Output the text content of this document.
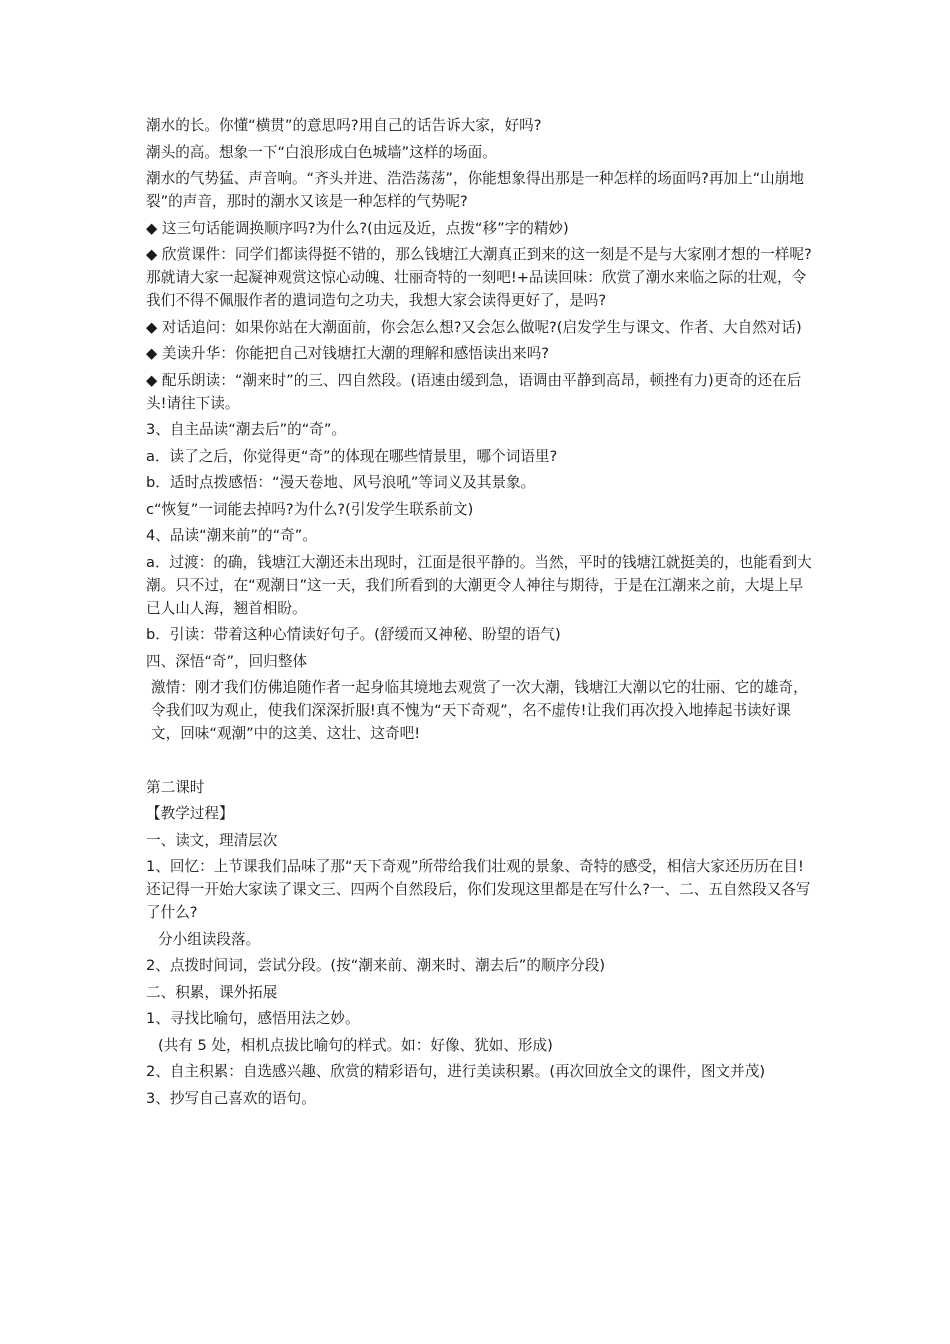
潮水的长。你懂“横贯”的意思吗?用自己的话告诉大家，好吗?

潮头的高。想象一下“白浪形成白色城墙”这样的场面。

潮水的气势猛、声音响。“齐头并进、浩浩荡荡”，你能想象得出那是一种怎样的场面吗?再加上“山崩地裂”的声音，那时的潮水又该是一种怎样的气势呢?

◆ 这三句话能调换顺序吗?为什么?(由远及近，点拨“移”字的精妙)

◆ 欣赏课件：同学们都读得挺不错的，那么钱塘江大潮真正到来的这一刻是不是与大家刚才想的一样呢?那就请大家一起凝神观赏这惊心动魄、壮丽奇特的一刻吧!+品读回味：欣赏了潮水来临之际的壮观，令我们不得不佩服作者的遣词造句之功夫，我想大家会读得更好了，是吗?

◆ 对话追问：如果你站在大潮面前，你会怎么想?又会怎么做呢?(启发学生与课文、作者、大自然对话)

◆ 美读升华：你能把自己对钱塘扛大潮的理解和感悟读出来吗?

◆ 配乐朗读：“潮来时”的三、四自然段。(语速由缓到急，语调由平静到高昂，顿挫有力)更奇的还在后头!请往下读。

3、自主品读“潮去后”的“奇”。

a．读了之后，你觉得更“奇”的体现在哪些情景里，哪个词语里?

b．适时点拨感悟：“漫天卷地、风号浪吼”等词义及其景象。

c“恢复”一词能去掉吗?为什么?(引发学生联系前文)

4、品读“潮来前”的“奇”。

a．过渡：的确，钱塘江大潮还未出现时，江面是很平静的。当然，平时的钱塘江就挺美的，也能看到大潮。只不过，在“观潮日”这一天，我们所看到的大潮更令人神往与期待，于是在江潮来之前，大堤上早已人山人海，翘首相盼。

b．引读：带着这种心情读好句子。(舒缓而又神秘、盼望的语气)

四、深悟“奇”，回归整体

激情：刚才我们仿佛追随作者一起身临其境地去观赏了一次大潮，钱塘江大潮以它的壮丽、它的雄奇，令我们叹为观止，使我们深深折服!真不愧为“天下奇观”，名不虚传!让我们再次投入地捧起书读好课文，回味“观潮”中的这美、这壮、这奇吧!

第二课时

【教学过程】

一、读文，理清层次

1、回忆：上节课我们品味了那“天下奇观”所带给我们壮观的景象、奇特的感受，相信大家还历历在目!还记得一开始大家读了课文三、四两个自然段后，你们发现这里都是在写什么?一、二、五自然段又各写了什么?

分小组读段落。

2、点拨时间词，尝试分段。(按“潮来前、潮来时、潮去后”的顺序分段)

二、积累，课外拓展

1、寻找比喻句，感悟用法之妙。

(共有 5 处，相机点拔比喻句的样式。如：好像、犹如、形成)

2、自主积累：自选感兴趣、欣赏的精彩语句，进行美读积累。(再次回放全文的课件，图文并茂)

3、抄写自己喜欢的语句。
